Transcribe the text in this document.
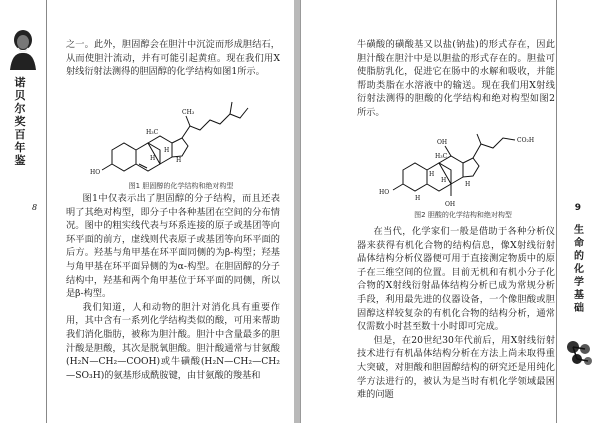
诺贝尔奖百年鉴
8

之一。此外，胆固醇会在胆汁中沉淀而形成胆结石，从而使胆汁流动，并有可能引起黄疸。现在我们用X射线衍射法测得的胆固醇的化学结构如图1所示。

H₃C
CH₃
H
H	H
HO
图1 胆固醇的化学结构和绝对构型

图1中仅表示出了胆固醇的分子结构，而且还表明了其绝对构型，即分子中各种基团在空间的分布情况。图中的粗实线代表与环系连接的原子或基团等向环平面的前方，虚线则代表原子或基团等向环平面的后方。羟基与角甲基在环平面同侧的为β-构型；羟基与角甲基在环平面异侧的为α-构型。在胆固醇的分子结构中，羟基和两个角甲基位于环平面的同侧，所以是β-构型。

我们知道，人和动物的胆汁对消化具有重要作用，其中含有一系列化学结构类似的酸，可用来帮助我们消化脂肪，被称为胆汁酸。胆汁中含量最多的胆汁酸是胆酸，其次是脱氧胆酸。胆汁酸通常与甘氨酸(H₂N—CH₂—COOH)或牛磺酸(H₂N—CH₂—CH₂—SO₃H)的氨基形成酰胺键，由甘氨酸的羧基和

牛磺酸的磺酸基又以盐(钠盐)的形式存在，因此胆汁酸在胆汁中是以胆盐的形式存在的。胆盐可使脂肪乳化，促进它在肠中的水解和吸收，并能帮助类脂在水溶液中的输送。现在我们用X射线衍射法测得的胆酸的化学结构和绝对构型如图2所示。

OH	CO₂H
H₃C
H
H
H
H
HO
OH
图2 胆酸的化学结构和绝对构型

在当代，化学家们一般是借助于各种分析仪器来获得有机化合物的结构信息，像X射线衍射晶体结构分析仪器便可用于直接测定物质中的原子在三维空间的位置。目前无机和有机小分子化合物的X射线衍射晶体结构分析已成为常规分析手段，利用最先进的仪器设备，一个像胆酸或胆固醇这样较复杂的有机化合物的结构分析，通常仅需数小时甚至数十小时即可完成。

但是，在20世纪30年代前后，用X射线衍射技术进行有机晶体结构分析在方法上尚未取得重大突破，对胆酸和胆固醇结构的研究还是用纯化学方法进行的，被认为是当时有机化学领域最困难的问题

9
生命的化学基础
